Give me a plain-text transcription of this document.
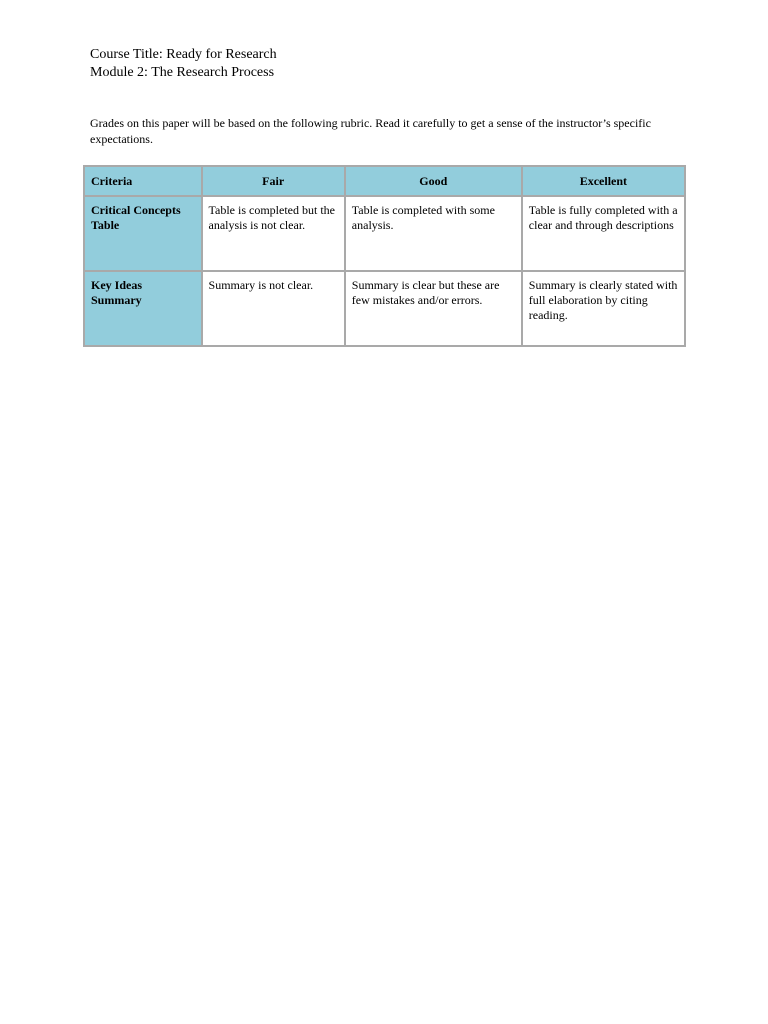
Course Title: Ready for Research
Module 2: The Research Process
Grades on this paper will be based on the following rubric. Read it carefully to get a sense of the instructor’s specific expectations.
Criteria	Fair	Good	Excellent
Critical Concepts Table	Table is completed but the analysis is not clear.	Table is completed with some analysis.	Table is fully completed with a clear and through descriptions
Key Ideas Summary	Summary is not clear.	Summary is clear but these are few mistakes and/or errors.	Summary is clearly stated with full elaboration by citing reading.
